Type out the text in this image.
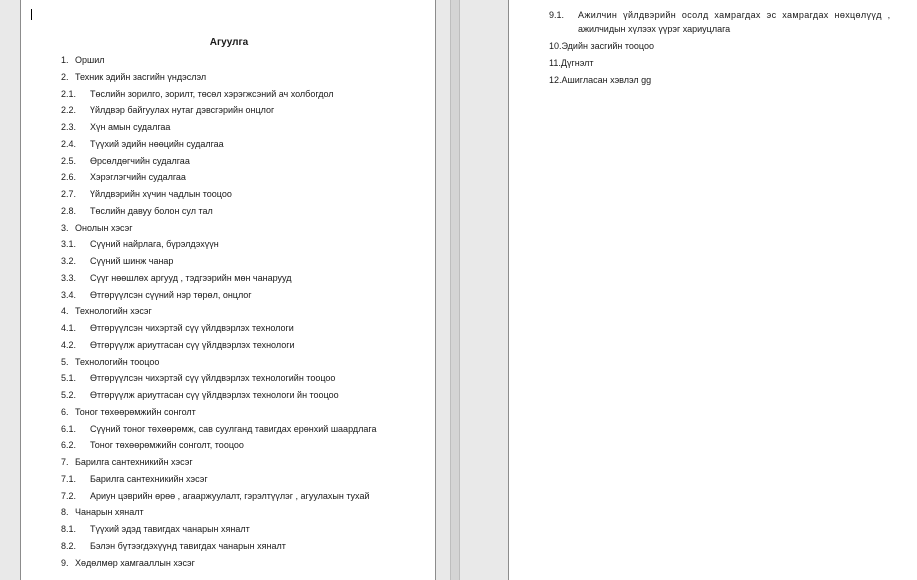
Агуулга
1. Оршил
2. Техник эдийн засгийн үндэслэл
2.1. Төслийн зорилго, зорилт, төсөл хэрэгжсэний ач холбогдол
2.2. Үйлдвэр байгуулах нутаг дэвсгэрийн онцлог
2.3. Хүн амын судалгаа
2.4. Түүхий эдийн нөөцийн судалгаа
2.5. Өрсөлдөгчийн судалгаа
2.6. Хэрэглэгчийн судалгаа
2.7. Үйлдвэрийн хүчин чадлын тооцоо
2.8. Төслийн давуу болон сул тал
3. Онолын хэсэг
3.1. Сүүний найрлага, бүрэлдэхүүн
3.2. Сүүний шинж чанар
3.3. Сүүг нөөшлөх аргууд , тэдгээрийн мөн чанарууд
3.4. Өтгөрүүлсэн сүүний нэр төрөл, онцлог
4. Технологийн хэсэг
4.1. Өтгөрүүлсэн чихэртэй сүү үйлдвэрлэх технологи
4.2. Өтгөрүүлж ариутгасан сүү үйлдвэрлэх технологи
5. Технологийн тооцоо
5.1. Өтгөрүүлсэн чихэртэй сүү үйлдвэрлэх технологийн тооцоо
5.2. Өтгөрүүлж ариутгасан сүү үйлдвэрлэх технологи йн тооцоо
6. Тоног төхөөрөмжийн сонголт
6.1. Сүүний тоног төхөөрөмж, сав суулганд тавигдах ерөнхий шаардлага
6.2. Тоног төхөөрөмжийн сонголт, тооцоо
7. Барилга сантехникийн хэсэг
7.1. Барилга сантехникийн хэсэг
7.2. Ариун цэврийн өрөө , агааржуулалт, гэрэлтүүлэг , агуулахын тухай
8. Чанарын хяналт
8.1. Түүхий эдэд тавигдах чанарын хяналт
8.2. Бэлэн бүтээгдэхүүнд тавигдах чанарын хяналт
9. Хөдөлмөр хамгааллын хэсэг
9.1. Ажилчин үйлдвэрийн осолд хамрагдах эс хамрагдах нөхцөлүүд ,
ажилчидын хүлээх үүрэг хариуцлага
10.Эдийн засгийн тооцоо
11.Дүгнэлт
12.Ашигласан хэвлэл gg
